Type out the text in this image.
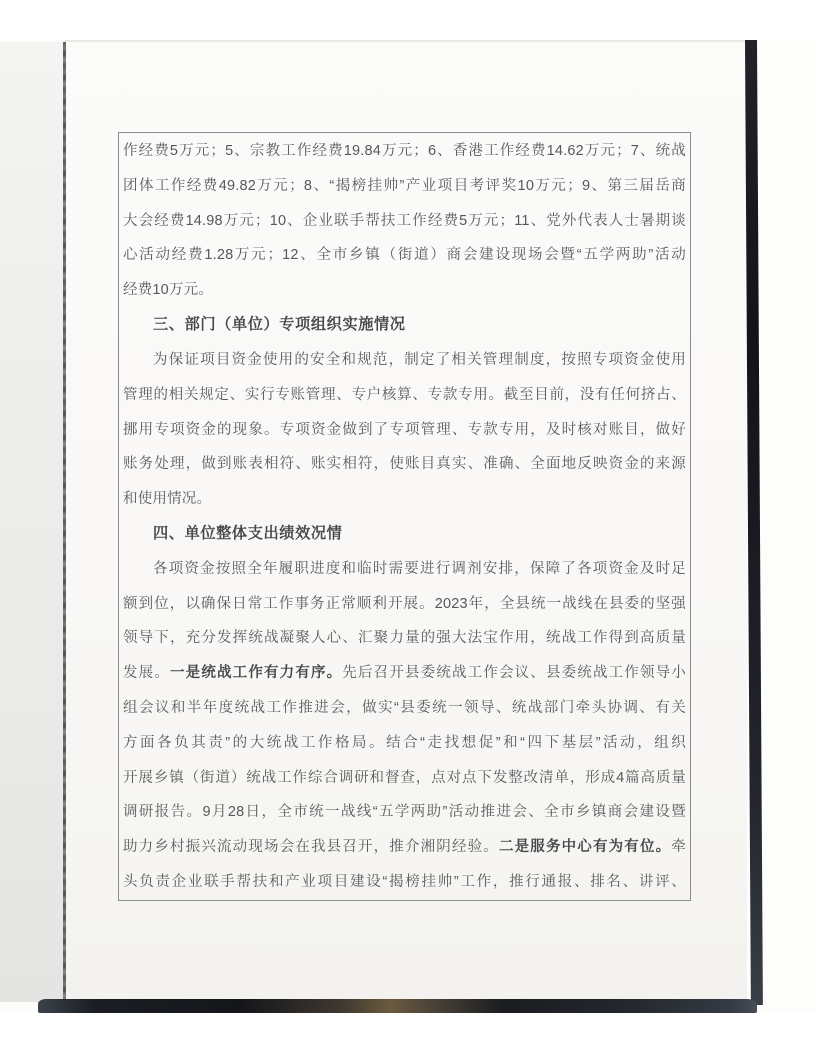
作经费5万元；5、宗教工作经费19.84万元；6、香港工作经费14.62万元；7、统战
团体工作经费49.82万元；8、“揭榜挂帅”产业项目考评奖10万元；9、第三届岳商
大会经费14.98万元；10、企业联手帮扶工作经费5万元；11、党外代表人士暑期谈
心活动经费1.28万元；12、全市乡镇（街道）商会建设现场会暨“五学两助”活动
经费10万元。
三、部门（单位）专项组织实施情况
为保证项目资金使用的安全和规范，制定了相关管理制度，按照专项资金使用
管理的相关规定、实行专账管理、专户核算、专款专用。截至目前，没有任何挤占、
挪用专项资金的现象。专项资金做到了专项管理、专款专用，及时核对账目，做好
账务处理，做到账表相符、账实相符，使账目真实、准确、全面地反映资金的来源
和使用情况。
四、单位整体支出绩效况情
各项资金按照全年履职进度和临时需要进行调剂安排，保障了各项资金及时足
额到位，以确保日常工作事务正常顺利开展。2023年，全县统一战线在县委的坚强
领导下，充分发挥统战凝聚人心、汇聚力量的强大法宝作用，统战工作得到高质量
发展。一是统战工作有力有序。先后召开县委统战工作会议、县委统战工作领导小
组会议和半年度统战工作推进会，做实“县委统一领导、统战部门牵头协调、有关
方面各负其责”的大统战工作格局。结合“走找想促”和“四下基层”活动，组织
开展乡镇（街道）统战工作综合调研和督查，点对点下发整改清单，形成4篇高质量
调研报告。9月28日，全市统一战线“五学两助”活动推进会、全市乡镇商会建设暨
助力乡村振兴流动现场会在我县召开，推介湘阴经验。二是服务中心有为有位。牵
头负责企业联手帮扶和产业项目建设“揭榜挂帅”工作，推行通报、排名、讲评、
